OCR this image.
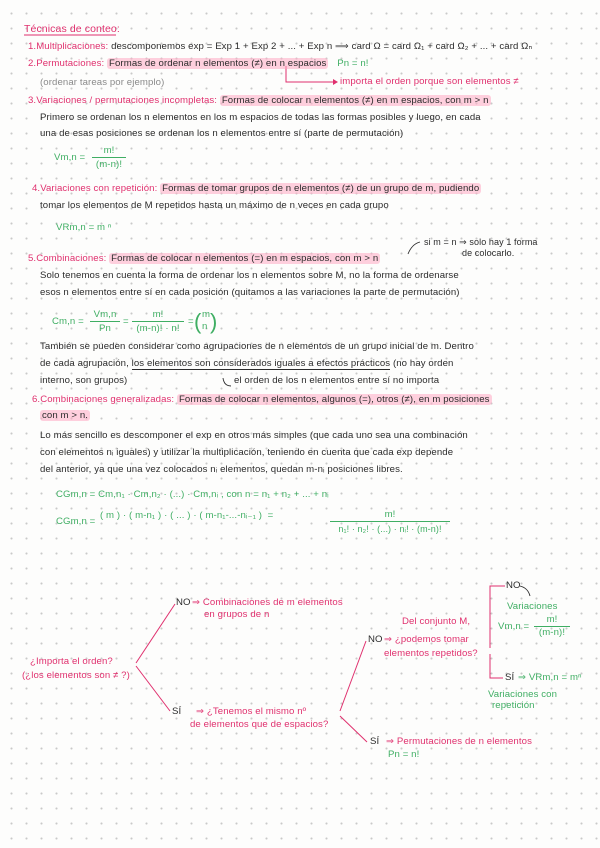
Técnicas de conteo:
1.Multiplicaciones: descomponemos exp = Exp 1 + Exp 2 + ... + Exp n ⟹ card Ω = card Ω₁ + card Ω₂ + ... + card Ωₙ
2.Permutaciones: Formas de ordenar n elementos (≠) en n espacios Pn = n!
(ordenar tareas por ejemplo)	importa el orden porque son elementos ≠
3.Variaciones / permutaciones incompletas: Formas de colocar n elementos (≠) en m espacios, con m > n
Primero se ordenan los n elementos en los m espacios de todas las formas posibles y luego, en cada
una de esas posiciones se ordenan los n elementos entre sí (parte de permutación)
Vm,n =
m!
(m-n)!
4.Variaciones con repetición: Formas de tomar grupos de n elementos (≠) de un grupo de m, pudiendo
tomar los elementos de M repetidos hasta un máximo de n veces en cada grupo
VRm,n = m ⁿ
si m = n ⇒ solo hay 1 forma
de colocarlo.
5.Combinaciones: Formas de colocar n elementos (=) en m espacios, con m > n
Solo tenemos en cuenta la forma de ordenar los n elementos sobre M, no la forma de ordenarse
esos n elementos entre sí en cada posición (quitamos a las variaciones la parte de permutación)
Cm,n =
Vm,n
Pn
=
m!
(m-n)! · n!
= ( m
n )
También se pueden considerar como agrupaciones de n elementos de un grupo inicial de m. Dentro
de cada agrupación, los elementos son considerados iguales a efectos prácticos (no hay orden
interno, son grupos)	el orden de los n elementos entre sí no importa
6.Combinaciones generalizadas: Formas de colocar n elementos, algunos (=), otros (≠), en m posiciones
con m > n.
Lo más sencillo es descomponer el exp en otros más simples (que cada uno sea una combinación
con elementos nᵢ iguales) y utilizar la multiplicación, teniendo en cuenta que cada exp depende
del anterior, ya que una vez colocados nᵢ elementos, quedan m-nᵢ posiciones libres.
CGm,n = Cm,n₁ · Cm,n₂ · (...) · Cm,nᵢ , con n = n₁ + n₂ + ... + nᵢ
CGm,n =
( m ) · ( m-n₁ ) · ( ... ) · ( m-n₁-...-nᵢ₋₁ )  =	m!
n₁! · n₂! · (...) · nᵢ! · (m-n)!
¿Importa el orden?
(¿los elementos son ≠ ?)
NO ⇒ Combinaciones de m elementos
en grupos de n
SÍ ⇒ ¿Tenemos el mismo nº
de elementos que de espacios?
Del conjunto M,
NO ⇒ ¿podemos tomar
elementos repetidos?
NO
Variaciones
Vm,n =
m!
(m-n)!
SÍ ⇒ VRm,n = mⁿ
Variaciones con
repetición
SÍ ⇒ Permutaciones de n elementos
Pn = n!
